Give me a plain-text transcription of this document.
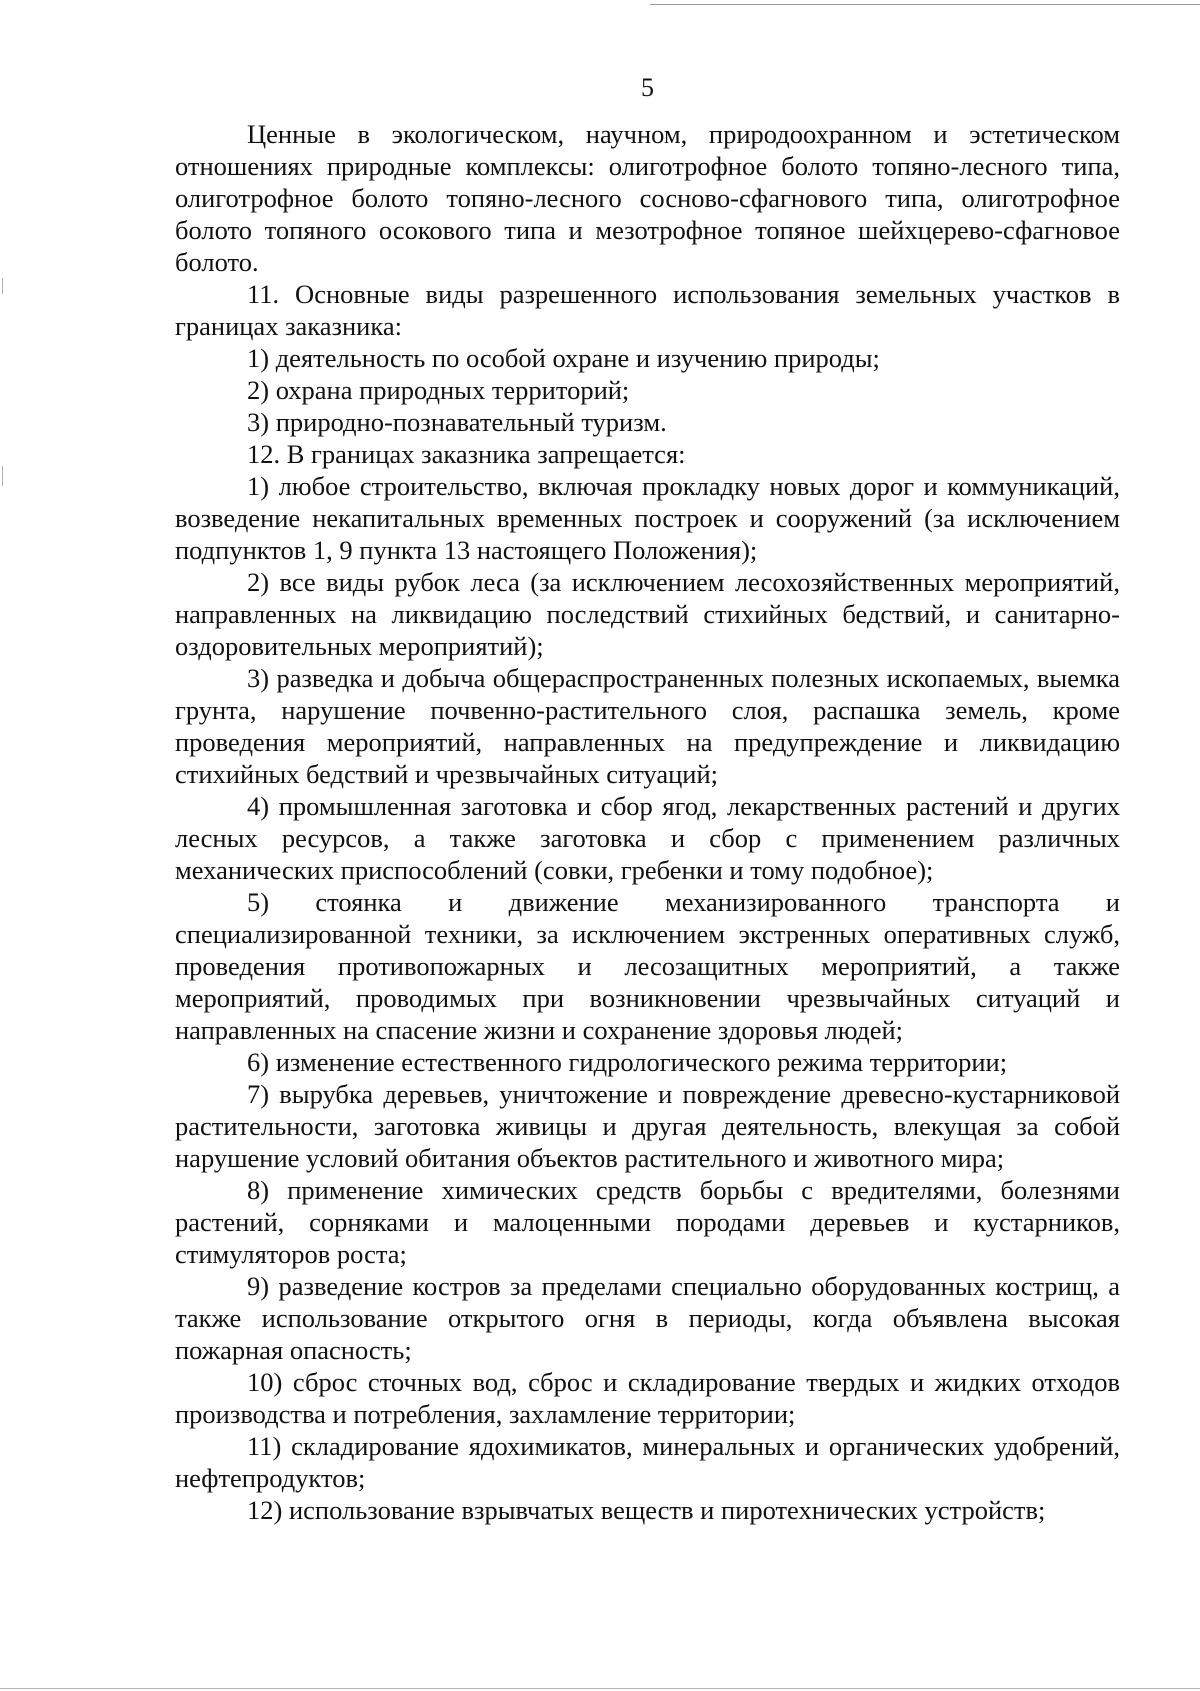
5

Ценные в экологическом, научном, природоохранном и эстетическом отношениях природные комплексы: олиготрофное болото топяно-лесного типа, олиготрофное болото топяно-лесного сосново-сфагнового типа, олиготрофное болото топяного осокового типа и мезотрофное топяное шейхцерево-сфагновое болото.

11. Основные виды разрешенного использования земельных участков в границах заказника:

1) деятельность по особой охране и изучению природы;

2) охрана природных территорий;

3) природно-познавательный туризм.

12. В границах заказника запрещается:

1) любое строительство, включая прокладку новых дорог и коммуникаций, возведение некапитальных временных построек и сооружений (за исключением подпунктов 1, 9 пункта 13 настоящего Положения);

2) все виды рубок леса (за исключением лесохозяйственных мероприятий, направленных на ликвидацию последствий стихийных бедствий, и санитарно-оздоровительных мероприятий);

3) разведка и добыча общераспространенных полезных ископаемых, выемка грунта, нарушение почвенно-растительного слоя, распашка земель, кроме проведения мероприятий, направленных на предупреждение и ликвидацию стихийных бедствий и чрезвычайных ситуаций;

4) промышленная заготовка и сбор ягод, лекарственных растений и других лесных ресурсов, а также заготовка и сбор с применением различных механических приспособлений (совки, гребенки и тому подобное);

5) стоянка и движение механизированного транспорта и специализированной техники, за исключением экстренных оперативных служб, проведения противопожарных и лесозащитных мероприятий, а также мероприятий, проводимых при возникновении чрезвычайных ситуаций и направленных на спасение жизни и сохранение здоровья людей;

6) изменение естественного гидрологического режима территории;

7) вырубка деревьев, уничтожение и повреждение древесно-кустарниковой растительности, заготовка живицы и другая деятельность, влекущая за собой нарушение условий обитания объектов растительного и животного мира;

8) применение химических средств борьбы с вредителями, болезнями растений, сорняками и малоценными породами деревьев и кустарников, стимуляторов роста;

9) разведение костров за пределами специально оборудованных кострищ, а также использование открытого огня в периоды, когда объявлена высокая пожарная опасность;

10) сброс сточных вод, сброс и складирование твердых и жидких отходов производства и потребления, захламление территории;

11) складирование ядохимикатов, минеральных и органических удобрений, нефтепродуктов;

12) использование взрывчатых веществ и пиротехнических устройств;
